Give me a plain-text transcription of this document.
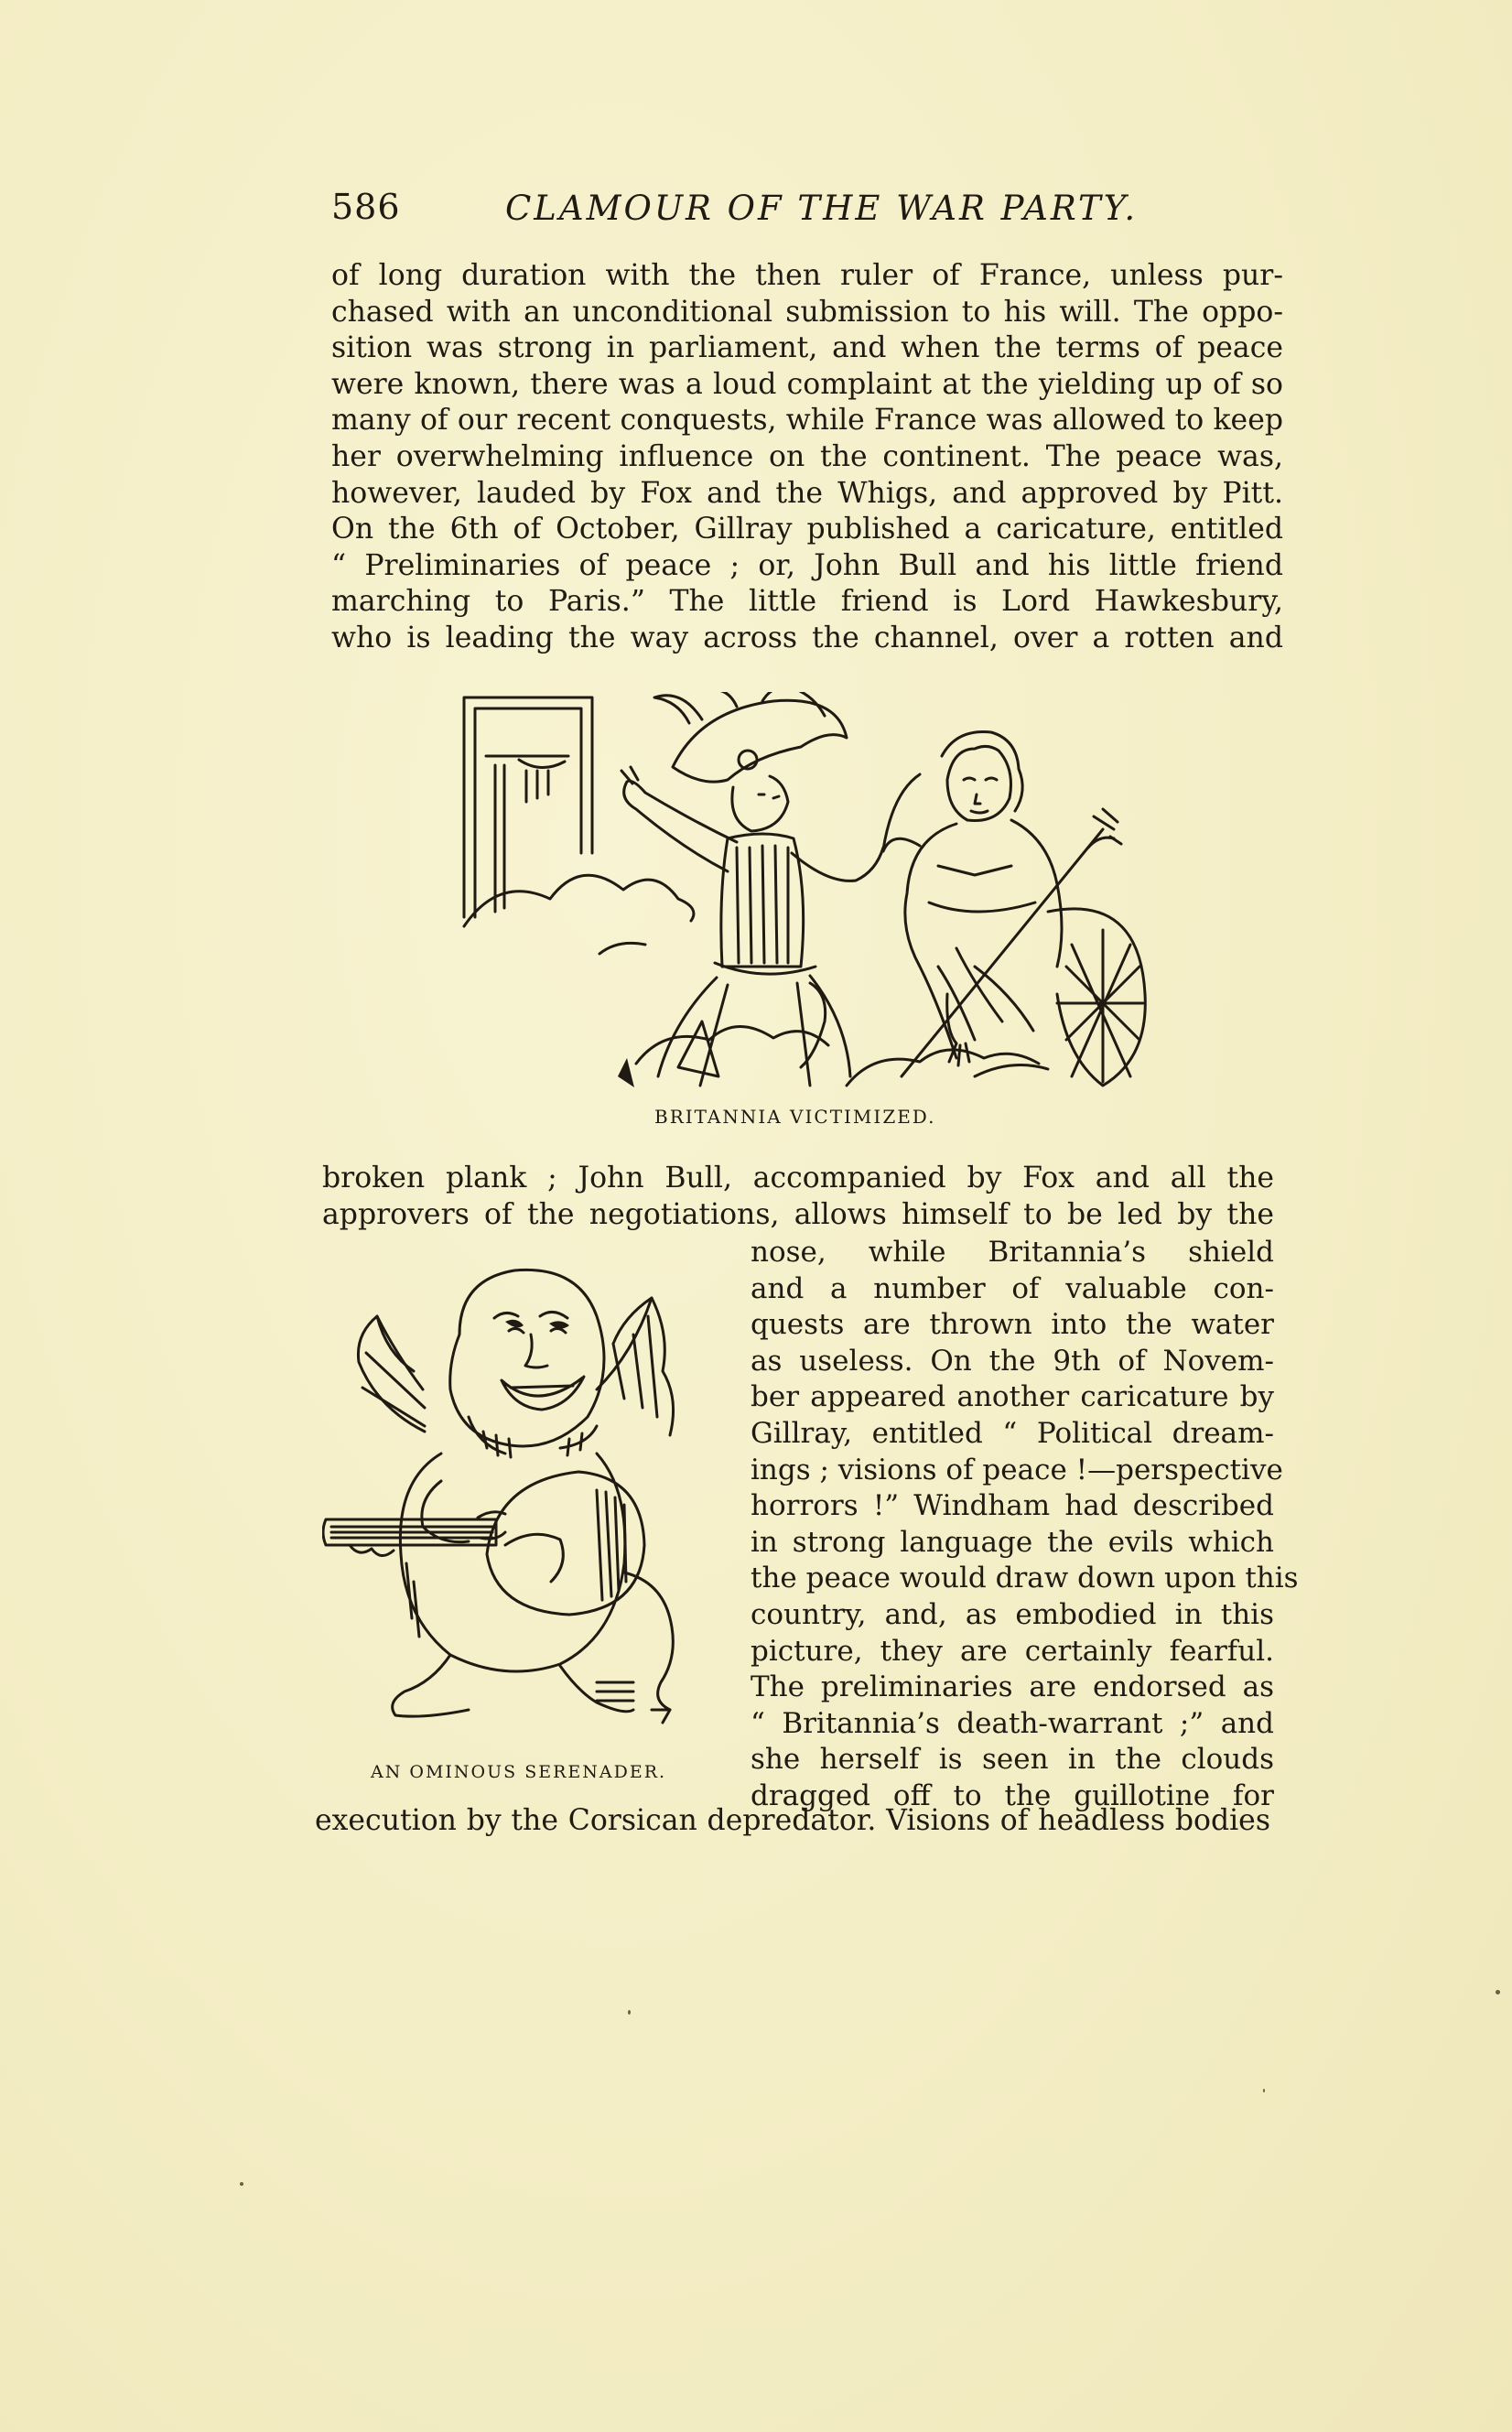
586	CLAMOUR OF THE WAR PARTY.
of long duration with the then ruler of France, unless pur-
chased with an unconditional submission to his will. The oppo-
sition was strong in parliament, and when the terms of peace
were known, there was a loud complaint at the yielding up of so
many of our recent conquests, while France was allowed to keep
her overwhelming influence on the continent. The peace was,
however, lauded by Fox and the Whigs, and approved by Pitt.
On the 6th of October, Gillray published a caricature, entitled
“ Preliminaries of peace ; or, John Bull and his little friend
marching to Paris.” The little friend is Lord Hawkesbury,
who is leading the way across the channel, over a rotten and
BRITANNIA VICTIMIZED.
broken plank ; John Bull, accompanied by Fox and all the
approvers of the negotiations, allows himself to be led by the
nose, while Britannia’s shield
and a number of valuable con-
quests are thrown into the water
as useless. On the 9th of Novem-
ber appeared another caricature by
Gillray, entitled “ Political dream-
ings ; visions of peace !—perspective
horrors !” Windham had described
in strong language the evils which
the peace would draw down upon this
country, and, as embodied in this
picture, they are certainly fearful.
The preliminaries are endorsed as
“ Britannia’s death-warrant ;” and
she herself is seen in the clouds
dragged off to the guillotine for
AN OMINOUS SERENADER.
execution by the Corsican depredator. Visions of headless bodies
